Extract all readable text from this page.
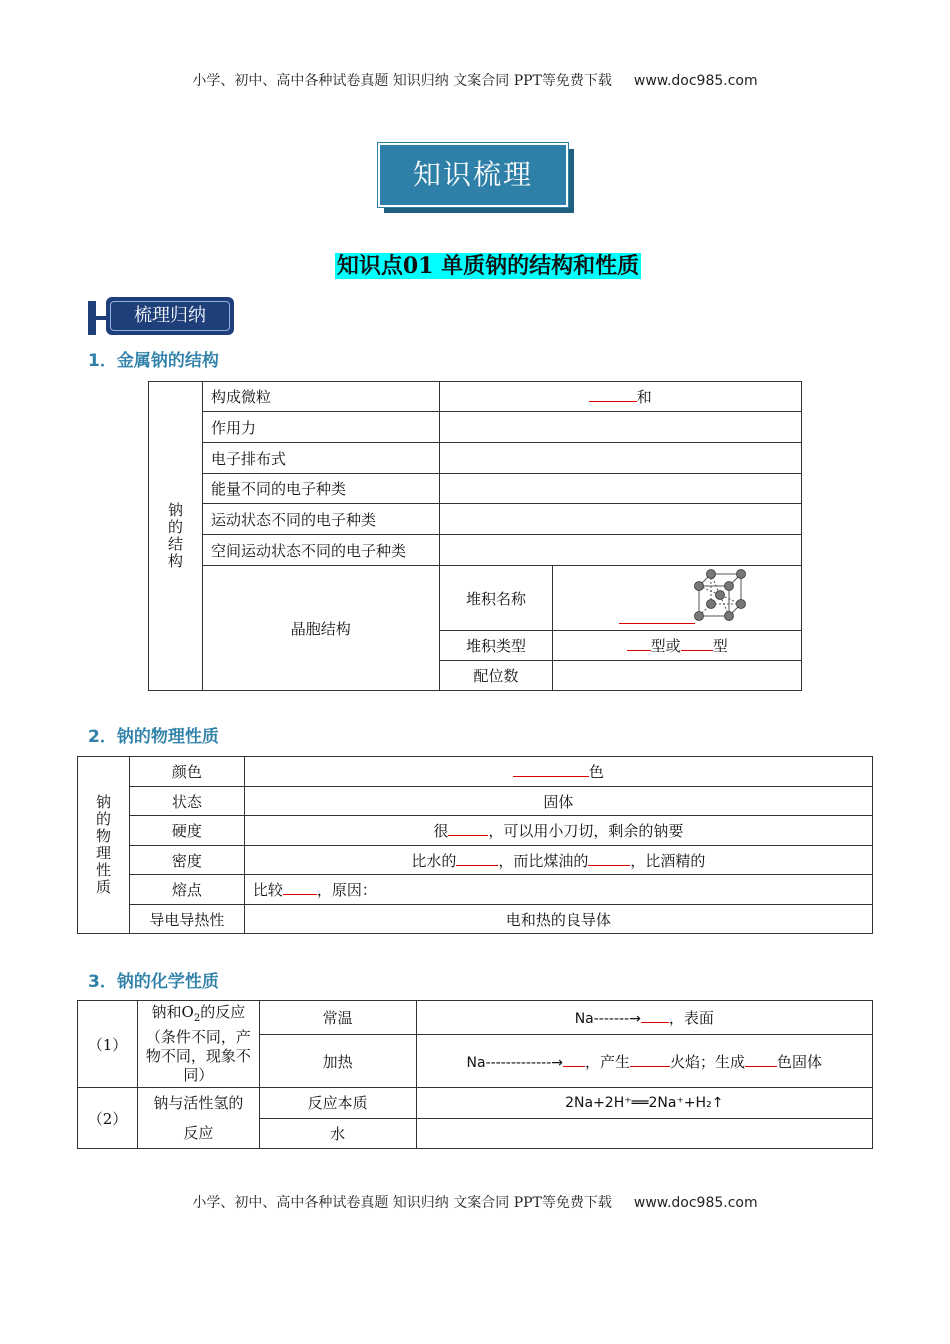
小学、初中、高中各种试卷真题 知识归纳 文案合同 PPT等免费下载 www.doc985.com
知识梳理
知识点01 单质钠的结构和性质
梳理归纳
1．金属钠的结构
钠的结构	构成微粒	和	
	作用力		
	电子排布式		
	能量不同的电子种类		
	运动状态不同的电子种类		
	空间运动状态不同的电子种类		
	晶胞结构	堆积名称	

		堆积类型	型或 型
		配位数	
2．钠的物理性质
钠的物理性质	颜色	色
	状态	固体
	硬度	很 ，可以用小刀切，剩余的钠要
	密度	比水的 ，而比煤油的 ，比酒精的
	熔点	比较 ，原因：
	导电导热性	电和热的良导体
3．钠的化学性质
（1）	钠和$O_2$的反应（条件不同，产物不同，现象不同）	常温	Na-------→ ，表面
		加热	Na-------------→ ，产生 火焰；生成 色固体
（2）	钠与活性氢的反应	反应本质	2Na+2H⁺══2Na⁺+H₂↑
		水	
小学、初中、高中各种试卷真题 知识归纳 文案合同 PPT等免费下载 www.doc985.com
